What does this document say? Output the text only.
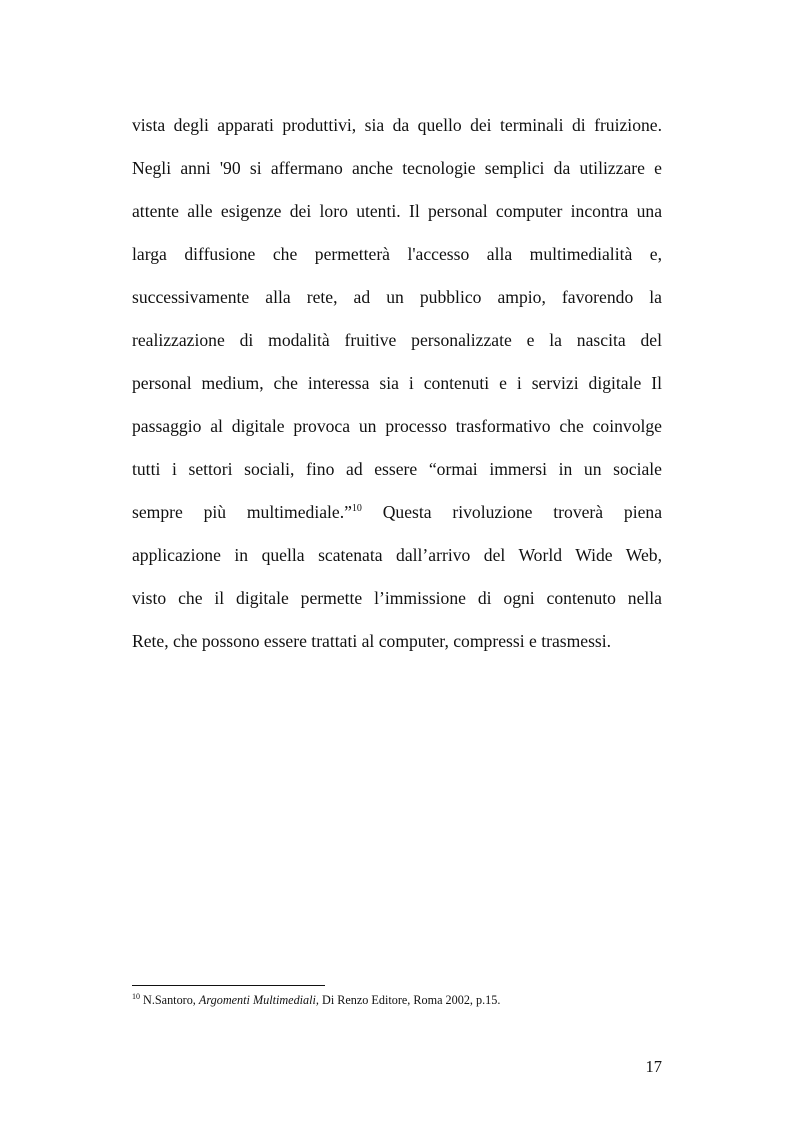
vista degli apparati produttivi, sia da quello dei terminali di fruizione.
Negli anni '90 si affermano anche tecnologie semplici da utilizzare e
attente alle esigenze dei loro utenti. Il personal computer incontra una
larga diffusione che permetterà l'accesso alla multimedialità e,
successivamente alla rete, ad un pubblico ampio, favorendo la
realizzazione di modalità fruitive personalizzate e la nascita del
personal medium, che interessa sia i contenuti e i servizi digitale Il
passaggio al digitale provoca un processo trasformativo che coinvolge
tutti i settori sociali, fino ad essere “ormai immersi in un sociale
sempre più multimediale.”$^{10}$ Questa rivoluzione troverà piena
applicazione in quella scatenata dall’arrivo del World Wide Web,
visto che il digitale permette l’immissione di ogni contenuto nella
Rete, che possono essere trattati al computer, compressi e trasmessi.
$^{10}$ N.Santoro, Argomenti Multimediali, Di Renzo Editore, Roma 2002, p.15.
17
